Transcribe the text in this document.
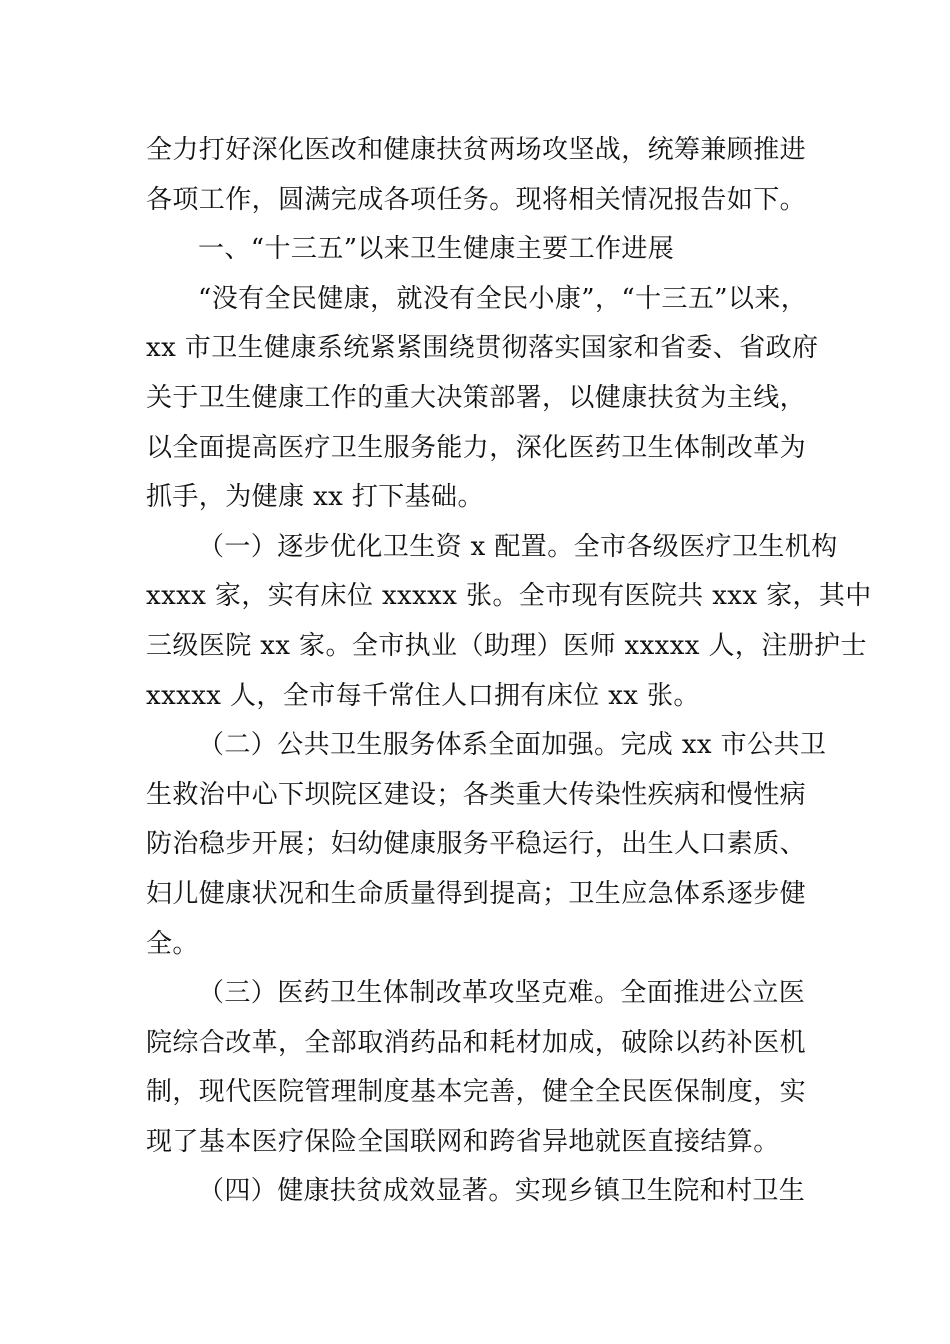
全力打好深化医改和健康扶贫两场攻坚战，统筹兼顾推进
各项工作，圆满完成各项任务。现将相关情况报告如下。

一、“十三五”以来卫生健康主要工作进展

“没有全民健康，就没有全民小康”，“十三五”以来，
xx 市卫生健康系统紧紧围绕贯彻落实国家和省委、省政府
关于卫生健康工作的重大决策部署，以健康扶贫为主线，
以全面提高医疗卫生服务能力，深化医药卫生体制改革为
抓手，为健康 xx 打下基础。

（一）逐步优化卫生资 x 配置。全市各级医疗卫生机构
xxxx 家，实有床位 xxxxx 张。全市现有医院共 xxx 家，其中
三级医院 xx 家。全市执业（助理）医师 xxxxx 人，注册护士
xxxxx 人，全市每千常住人口拥有床位 xx 张。

（二）公共卫生服务体系全面加强。完成 xx 市公共卫
生救治中心下坝院区建设；各类重大传染性疾病和慢性病
防治稳步开展；妇幼健康服务平稳运行，出生人口素质、
妇儿健康状况和生命质量得到提高；卫生应急体系逐步健
全。

（三）医药卫生体制改革攻坚克难。全面推进公立医
院综合改革，全部取消药品和耗材加成，破除以药补医机
制，现代医院管理制度基本完善，健全全民医保制度，实
现了基本医疗保险全国联网和跨省异地就医直接结算。

（四）健康扶贫成效显著。实现乡镇卫生院和村卫生
